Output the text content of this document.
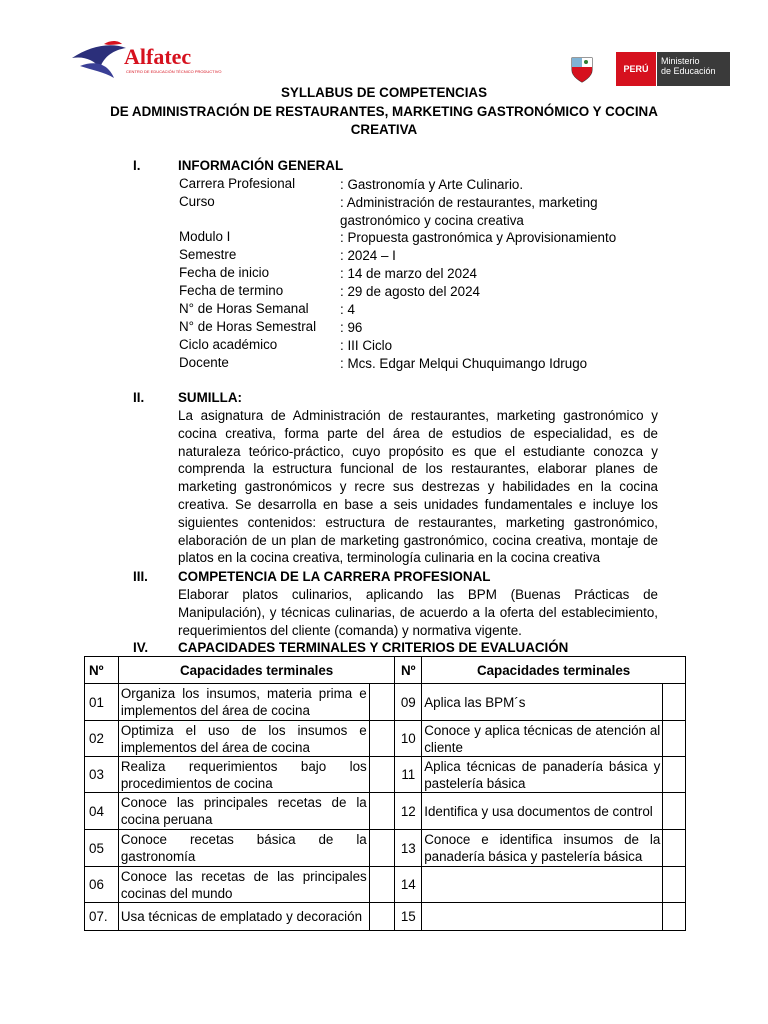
Alfatec
CENTRO DE EDUCACIÓN TÉCNICO PRODUCTIVO	PERÚ
Ministerio
de Educación
SYLLABUS DE COMPETENCIAS
DE ADMINISTRACIÓN DE RESTAURANTES, MARKETING GASTRONÓMICO Y COCINA
CREATIVA
I.	INFORMACIÓN GENERAL
Carrera Profesional	: Gastronomía y Arte Culinario.
Curso	: Administración de restaurantes, marketing gastronómico y cocina creativa
Modulo I	: Propuesta gastronómica y Aprovisionamiento
Semestre	: 2024 – I
Fecha de inicio	: 14 de marzo del 2024
Fecha de termino	: 29 de agosto del 2024
N° de Horas Semanal : 4
N° de Horas Semestral : 96
Ciclo académico	: III Ciclo
Docente	: Mcs. Edgar Melqui Chuquimango Idrugo
II.	SUMILLA:
La asignatura de Administración de restaurantes, marketing gastronómico y cocina creativa, forma parte del área de estudios de especialidad, es de naturaleza teórico-práctico, cuyo propósito es que el estudiante conozca y comprenda la estructura funcional de los restaurantes, elaborar planes de marketing gastronómicos y recre sus destrezas y habilidades en la cocina creativa. Se desarrolla en base a seis unidades fundamentales e incluye los siguientes contenidos: estructura de restaurantes, marketing gastronómico, elaboración de un plan de marketing gastronómico, cocina creativa, montaje de platos en la cocina creativa, terminología culinaria en la cocina creativa
III. COMPETENCIA DE LA CARRERA PROFESIONAL
Elaborar platos culinarios, aplicando las BPM (Buenas Prácticas de Manipulación), y técnicas culinarias, de acuerdo a la oferta del establecimiento, requerimientos del cliente (comanda) y normativa vigente.
IV. CAPACIDADES TERMINALES Y CRITERIOS DE EVALUACIÓN
Nº	Capacidades terminales		Nº	Capacidades terminales	
01	Organiza los insumos, materia prima e implementos del área de cocina		09	Aplica las BPM´s	
02	Optimiza el uso de los insumos e implementos del área de cocina		10	Conoce y aplica técnicas de atención al cliente	
03	Realiza requerimientos bajo los procedimientos de cocina		11	Aplica técnicas de panadería básica y pastelería básica	
04	Conoce las principales recetas de la cocina peruana		12	Identifica y usa documentos de control	
05	Conoce recetas básica de la gastronomía		13	Conoce e identifica insumos de la panadería básica y pastelería básica	
06	Conoce las recetas de las principales cocinas del mundo		14		
07.	Usa técnicas de emplatado y decoración		15		
